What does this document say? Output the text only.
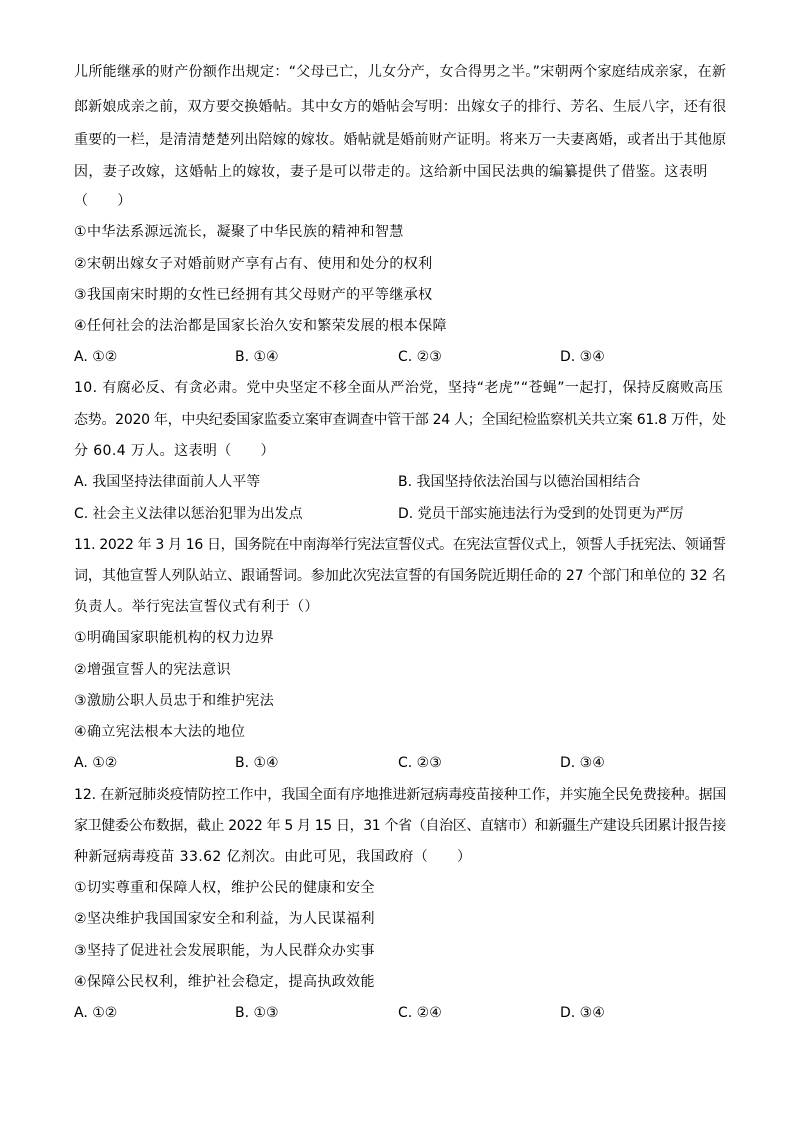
儿所能继承的财产份额作出规定：“父母已亡，儿女分产，女合得男之半。”宋朝两个家庭结成亲家，在新
郎新娘成亲之前，双方要交换婚帖。其中女方的婚帖会写明：出嫁女子的排行、芳名、生辰八字，还有很
重要的一栏，是清清楚楚列出陪嫁的嫁妆。婚帖就是婚前财产证明。将来万一夫妻离婚，或者出于其他原
因，妻子改嫁，这婚帖上的嫁妆，妻子是可以带走的。这给新中国民法典的编纂提供了借鉴。这表明
（　　）
①中华法系源远流长，凝聚了中华民族的精神和智慧
②宋朝出嫁女子对婚前财产享有占有、使用和处分的权利
③我国南宋时期的女性已经拥有其父母财产的平等继承权
④任何社会的法治都是国家长治久安和繁荣发展的根本保障
A. ①②	B. ①④	C. ②③	D. ③④
10. 有腐必反、有贪必肃。党中央坚定不移全面从严治党，坚持“老虎”“苍蝇”一起打，保持反腐败高压
态势。2020 年，中央纪委国家监委立案审查调查中管干部 24 人；全国纪检监察机关共立案 61.8 万件，处
分 60.4 万人。这表明（　　）
A. 我国坚持法律面前人人平等	B. 我国坚持依法治国与以德治国相结合
C. 社会主义法律以惩治犯罪为出发点	D. 党员干部实施违法行为受到的处罚更为严厉
11. 2022 年 3 月 16 日，国务院在中南海举行宪法宣誓仪式。在宪法宣誓仪式上，领誓人手抚宪法、领诵誓
词，其他宣誓人列队站立、跟诵誓词。参加此次宪法宣誓的有国务院近期任命的 27 个部门和单位的 32 名
负责人。举行宪法宣誓仪式有利于（）
①明确国家职能机构的权力边界
②增强宣誓人的宪法意识
③激励公职人员忠于和维护宪法
④确立宪法根本大法的地位
A. ①②	B. ①④	C. ②③	D. ③④
12. 在新冠肺炎疫情防控工作中，我国全面有序地推进新冠病毒疫苗接种工作，并实施全民免费接种。据国
家卫健委公布数据，截止 2022 年 5 月 15 日，31 个省（自治区、直辖市）和新疆生产建设兵团累计报告接
种新冠病毒疫苗 33.62 亿剂次。由此可见，我国政府（　　）
①切实尊重和保障人权，维护公民的健康和安全
②坚决维护我国国家安全和利益，为人民谋福利
③坚持了促进社会发展职能，为人民群众办实事
④保障公民权利，维护社会稳定，提高执政效能
A. ①②	B. ①③	C. ②④	D. ③④
